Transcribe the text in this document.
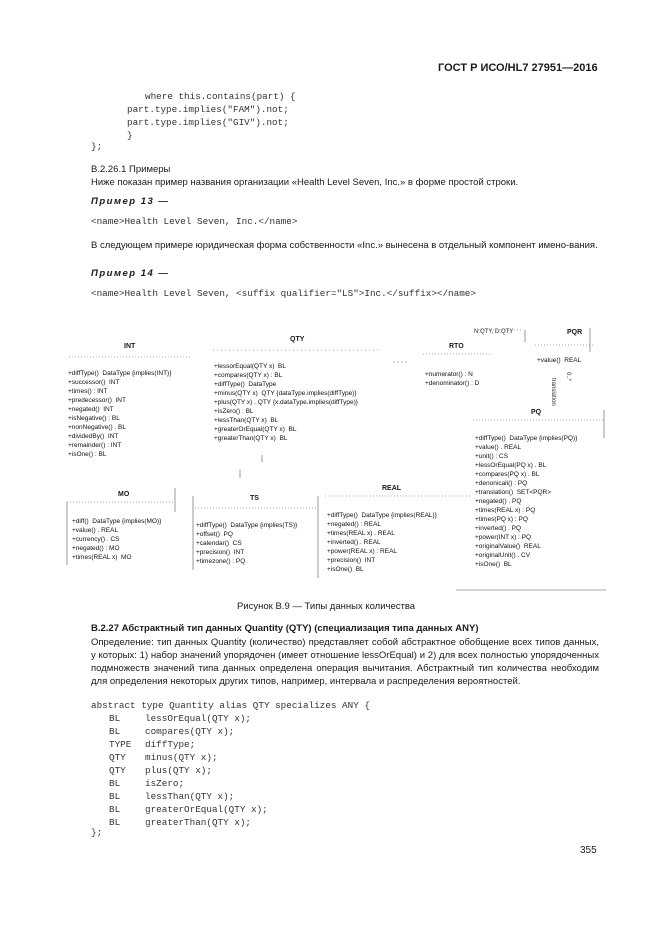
ГОСТ Р ИСО/HL7 27951—2016
where this.contains(part) {
part.type.implies("FAM").not;
part.type.implies("GIV").not;
}
};
B.2.26.1 Примеры
Ниже показан пример названия организации «Health Level Seven, Inc.» в форме простой строки.
Пример 13 —
<name>Health Level Seven, Inc.</name>
В следующем примере юридическая форма собственности «Inc.» вынесена в отдельный компонент имено-вания.
Пример 14 —
<name>Health Level Seven, <suffix qualifier="LS">Inc.</suffix></name>
N:QTY, D:QTY
translation
0..*
INT

+diffType()  DataType {implies(INT)}
+successor()  INT
+times() : INT
+predecessor()  INT
+negated()  INT
+isNegative() : BL
+nonNegative() . BL
+dividedBy()  INT
+remainder() : INT
+isOne() : BL

QTY

+lessorEqual(QTY x)  BL
+compares(QTY x) : BL
+diffType()  DataType
+minus(QTY x)  QTY {dataType.implies(diffType)}
+plus(QTY x) . QTY {x.dataType.implies(diffType)}
+isZero() : BL
+lessThan(QTY x)  BL
+greaterOrEqual(QTY x)  BL
+greaterThan(QTY x)  BL

RTO

+numerator() : N
+denominator() : D

PQR

+value()  REAL

PQ

+diffType()  DataType {implies(PQ)}
+value() . REAL
+unit() : CS
+lessOrEqual(PQ x) . BL
+compares(PQ x) . BL
+denonicali() : PQ
+translation()  SET<PQR>
+negated() . PQ
+times(REAL x) : PQ
+times(PQ x) : PQ
+inverted() . PQ
+power(INT x) : PQ
+originalValue()  REAL
+originalUnit() . CV
+isOne()  BL

MO

+diff()  DataType {implies(MO)}
+value() . REAL
+currency() . CS
+negated() : MO
+times(REAL x)  MO

TS

+diffType()  DataType {implies(TS)}
+offset()  PQ
+calendar()  CS
+precision()  INT
+timezone() : PQ

REAL

+diffType()  DataType {implies(REAL)}
+negated() : REAL
+times(REAL x) . REAL
+inverted() . REAL
+power(REAL x) : REAL
+precision()  INT
+isOne()  BL

Рисунок В.9 — Типы данных количества
B.2.27 Абстрактный тип данных Quantity (QTY) (специализация типа данных ANY)
Определение: тип данных Quantity (количество) представляет собой абстрактное обобщение всех типов данных, у которых: 1) набор значений упорядочен (имеет отношение lessOrEqual) и 2) для всех полностью упорядоченных подмножеств значений типа данных определена операция вычитания. Абстрактный тип количества необходим для определения некоторых других типов, например, интервала и распределения вероятностей.
abstract type Quantity alias QTY specializes ANY {
BL	lessOrEqual(QTY x);
BL	compares(QTY x);
TYPE diffType;
QTY minus(QTY x);
QTY plus(QTY x);
BL	isZero;
BL	lessThan(QTY x);
BL	greaterOrEqual(QTY x);
BL	greaterThan(QTY x);
};
355
